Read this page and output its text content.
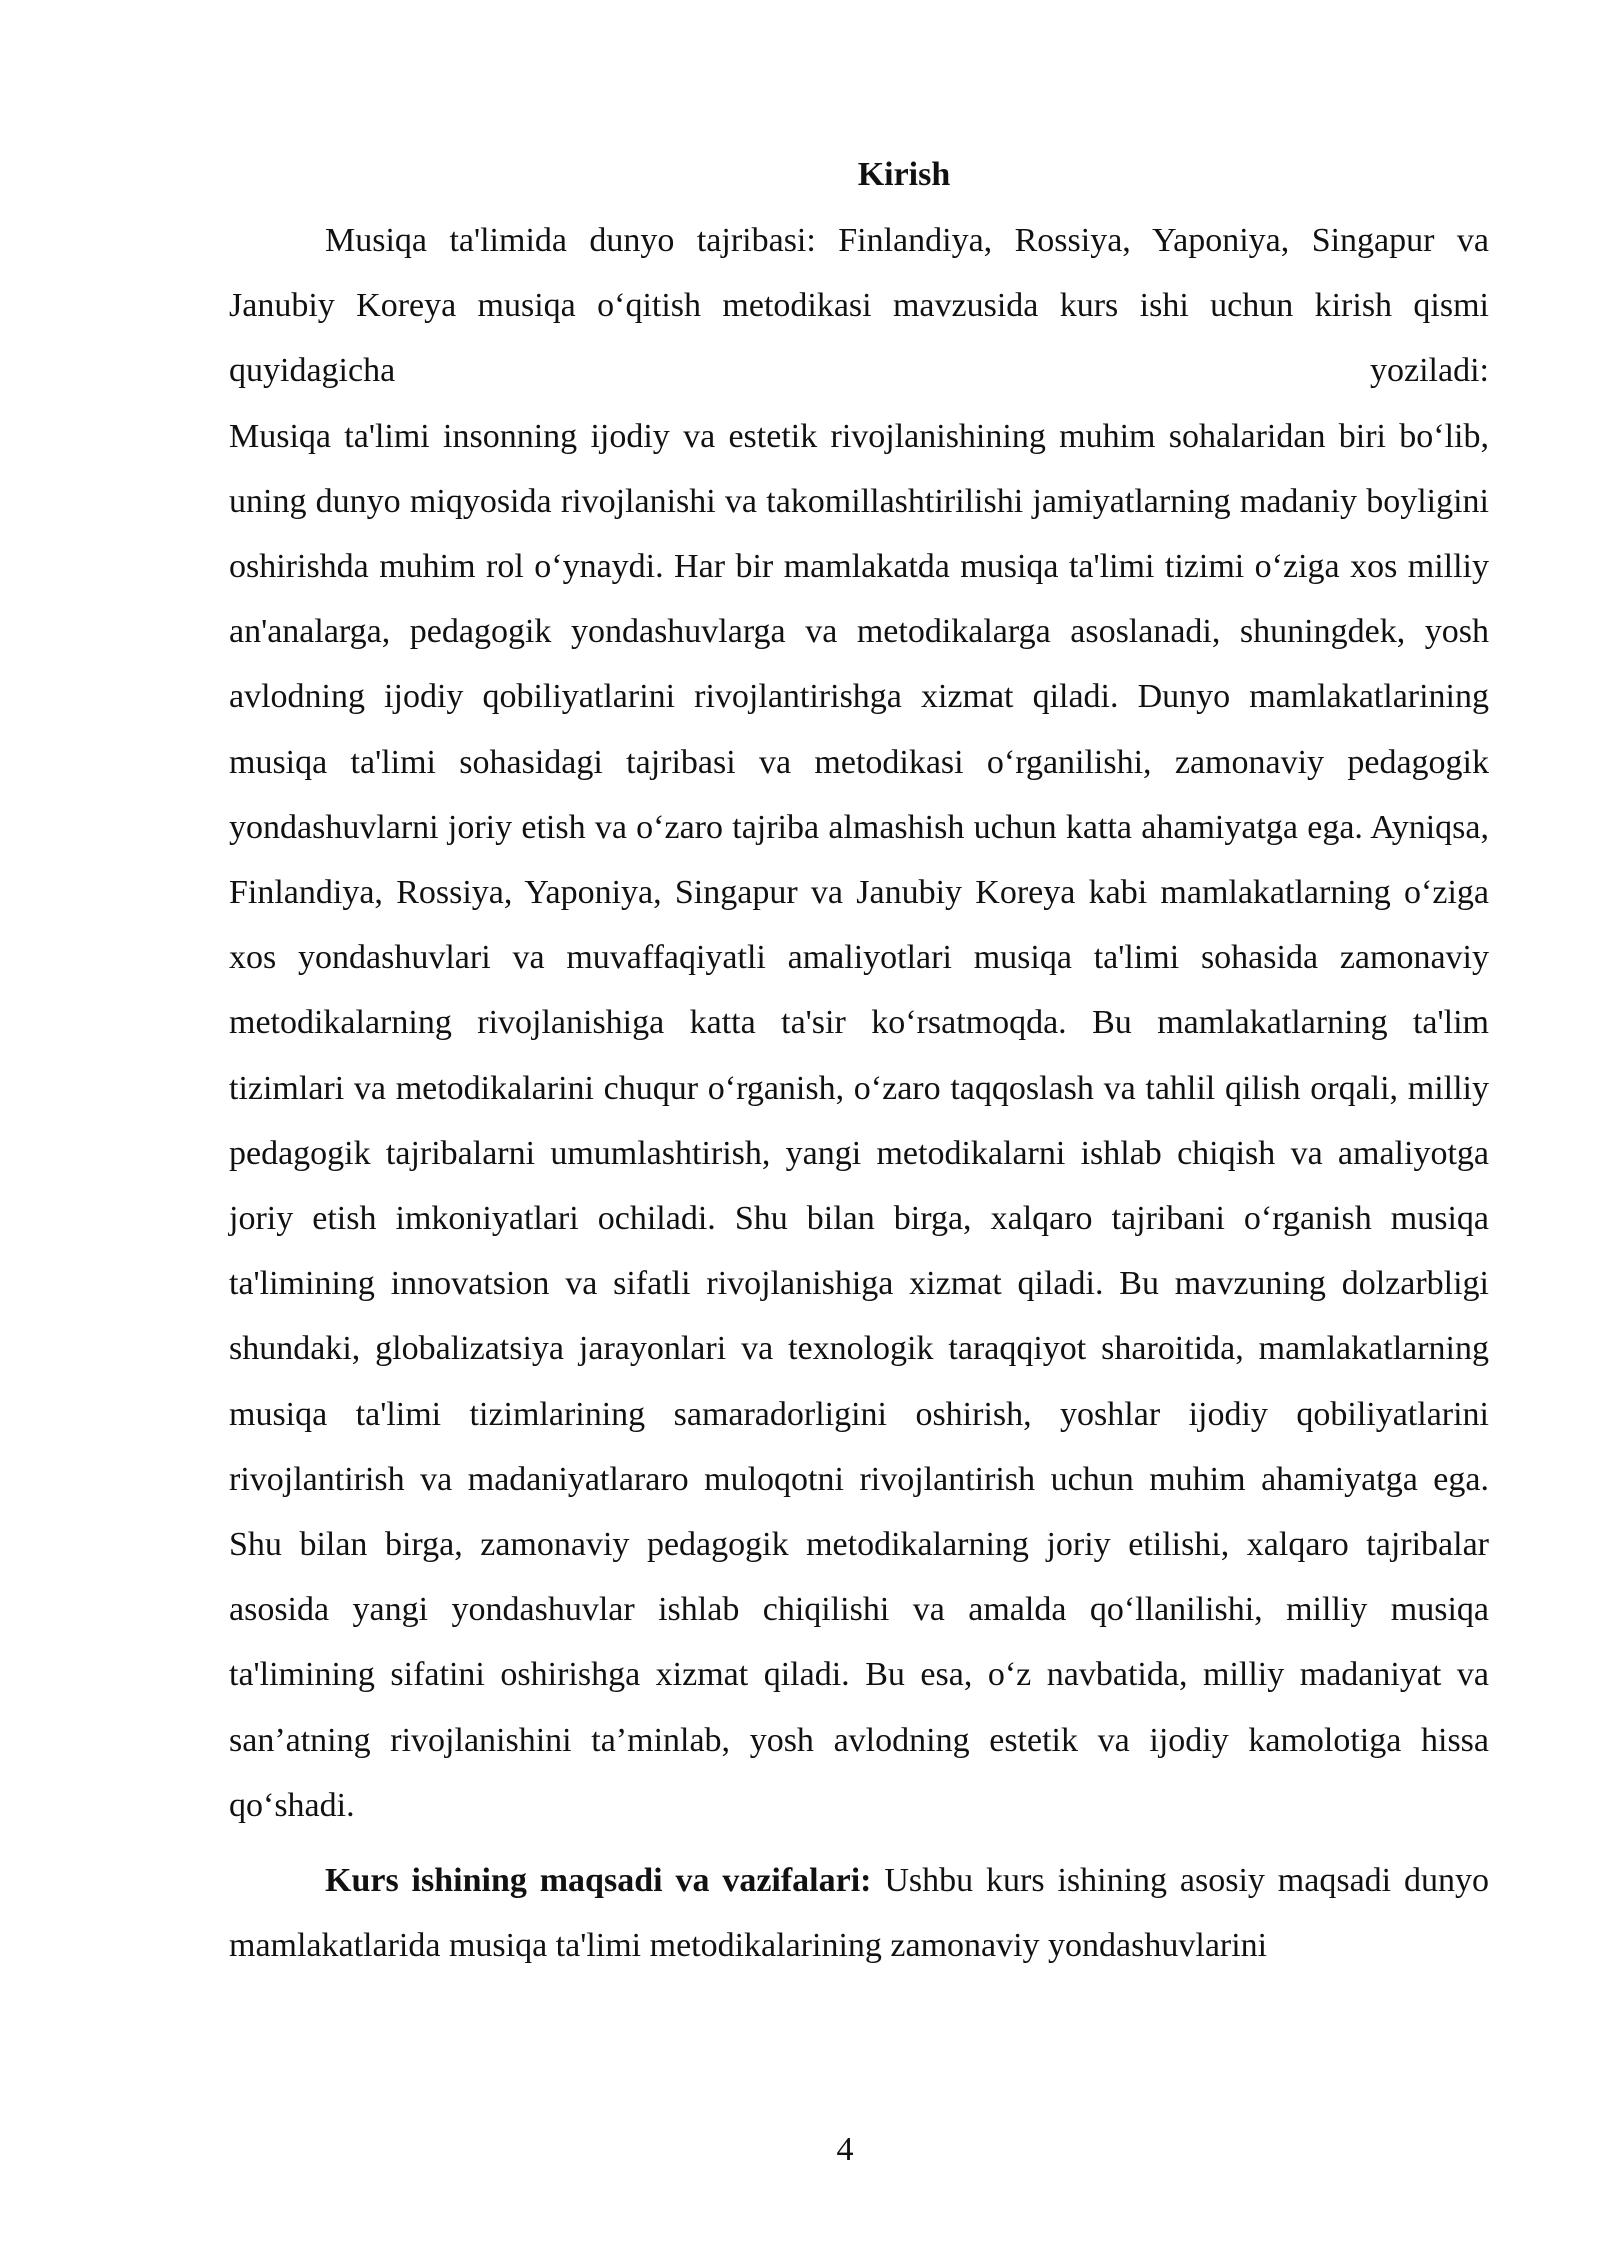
Kirish

Musiqa ta'limida dunyo tajribasi: Finlandiya, Rossiya, Yaponiya, Singapur va Janubiy Koreya musiqa o‘qitish metodikasi mavzusida kurs ishi uchun kirish qismi quyidagicha yoziladi:

Musiqa ta'limi insonning ijodiy va estetik rivojlanishining muhim sohalaridan biri bo‘lib, uning dunyo miqyosida rivojlanishi va takomillashtirilishi jamiyatlarning madaniy boyligini oshirishda muhim rol o‘ynaydi. Har bir mamlakatda musiqa ta'limi tizimi o‘ziga xos milliy an'analarga, pedagogik yondashuvlarga va metodikalarga asoslanadi, shuningdek, yosh avlodning ijodiy qobiliyatlarini rivojlantirishga xizmat qiladi. Dunyo mamlakatlarining musiqa ta'limi sohasidagi tajribasi va metodikasi o‘rganilishi, zamonaviy pedagogik yondashuvlarni joriy etish va o‘zaro tajriba almashish uchun katta ahamiyatga ega. Ayniqsa, Finlandiya, Rossiya, Yaponiya, Singapur va Janubiy Koreya kabi mamlakatlarning o‘ziga xos yondashuvlari va muvaffaqiyatli amaliyotlari musiqa ta'limi sohasida zamonaviy metodikalarning rivojlanishiga katta ta'sir ko‘rsatmoqda. Bu mamlakatlarning ta'lim tizimlari va metodikalarini chuqur o‘rganish, o‘zaro taqqoslash va tahlil qilish orqali, milliy pedagogik tajribalarni umumlashtirish, yangi metodikalarni ishlab chiqish va amaliyotga joriy etish imkoniyatlari ochiladi. Shu bilan birga, xalqaro tajribani o‘rganish musiqa ta'limining innovatsion va sifatli rivojlanishiga xizmat qiladi. Bu mavzuning dolzarbligi shundaki, globalizatsiya jarayonlari va texnologik taraqqiyot sharoitida, mamlakatlarning musiqa ta'limi tizimlarining samaradorligini oshirish, yoshlar ijodiy qobiliyatlarini rivojlantirish va madaniyatlararo muloqotni rivojlantirish uchun muhim ahamiyatga ega. Shu bilan birga, zamonaviy pedagogik metodikalarning joriy etilishi, xalqaro tajribalar asosida yangi yondashuvlar ishlab chiqilishi va amalda qo‘llanilishi, milliy musiqa ta'limining sifatini oshirishga xizmat qiladi. Bu esa, o‘z navbatida, milliy madaniyat va san’atning rivojlanishini ta’minlab, yosh avlodning estetik va ijodiy kamolotiga hissa qo‘shadi.

Kurs ishining maqsadi va vazifalari: Ushbu kurs ishining asosiy maqsadi dunyo mamlakatlarida musiqa ta'limi metodikalarining zamonaviy yondashuvlarini

4
